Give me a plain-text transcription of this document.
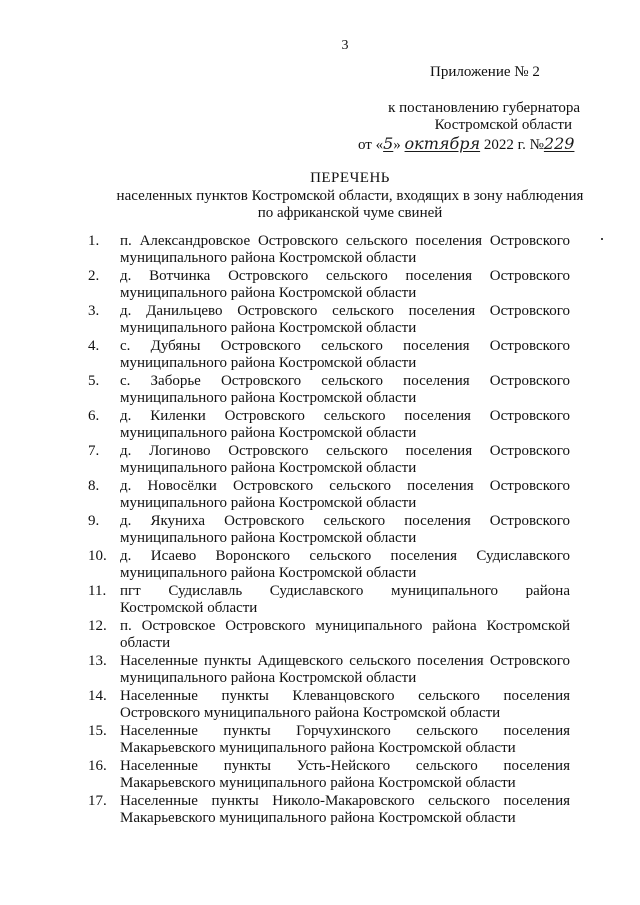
3
Приложение № 2
к постановлению губернатора
Костромской области
от «5» октября 2022 г. №229
ПЕРЕЧЕНЬ
населенных пунктов Костромской области, входящих в зону наблюдения
по африканской чуме свиней
1.	п. Александровское Островского сельского поселения Островского
муниципального района Костромской области
2.	д. Вотчинка Островского сельского поселения Островского
муниципального района Костромской области
3.	д. Данильцево Островского сельского поселения Островского
муниципального района Костромской области
4.	с. Дубяны Островского сельского поселения Островского
муниципального района Костромской области
5.	с. Заборье Островского сельского поселения Островского
муниципального района Костромской области
6.	д. Киленки Островского сельского поселения Островского
муниципального района Костромской области
7.	д. Логиново Островского сельского поселения Островского
муниципального района Костромской области
8.	д. Новосёлки Островского сельского поселения Островского
муниципального района Костромской области
9.	д. Якуниха Островского сельского поселения Островского
муниципального района Костромской области
10. д. Исаево Воронского сельского поселения Судиславского
муниципального района Костромской области
11. пгт Судиславль Судиславского муниципального района
Костромской области
12. п. Островское Островского муниципального района Костромской
области
13. Населенные пункты Адищевского сельского поселения Островского
муниципального района Костромской области
14. Населенные пункты Клеванцовского сельского поселения
Островского муниципального района Костромской области
15. Населенные пункты Горчухинского сельского поселения
Макарьевского муниципального района Костромской области
16. Населенные пункты Усть-Нейского сельского поселения
Макарьевского муниципального района Костромской области
17. Населенные пункты Николо-Макаровского сельского поселения
Макарьевского муниципального района Костромской области
